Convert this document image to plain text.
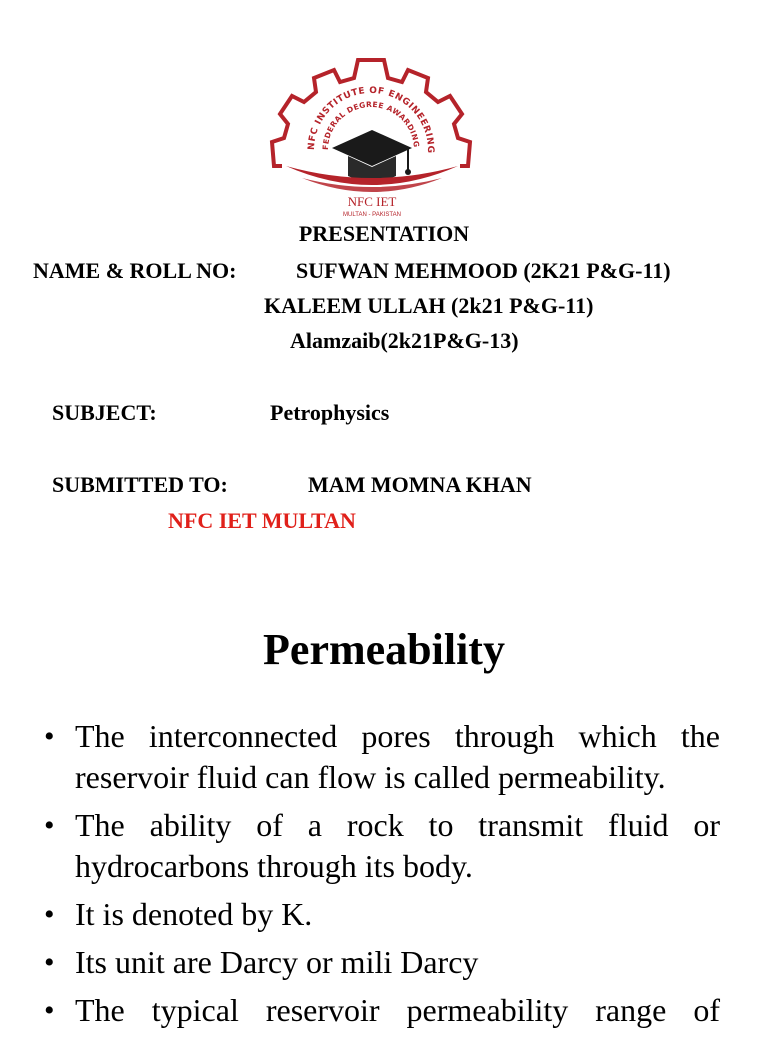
NFC INSTITUTE OF ENGINEERING
FEDERAL DEGREE AWARDING
NFC IET
MULTAN - PAKISTAN
PRESENTATION
NAME & ROLL NO:	SUFWAN MEHMOOD (2K21 P&G-11)
KALEEM ULLAH (2k21 P&G-11)
Alamzaib(2k21P&G-13)
SUBJECT:	Petrophysics
SUBMITTED TO:	MAM MOMNA KHAN
NFC IET MULTAN
Permeability
• The interconnected pores through which the reservoir fluid can flow is called permeability.
• The ability of a rock to transmit fluid or hydrocarbons through its body.
• It is denoted by K.
• Its unit are Darcy or mili Darcy
• The typical reservoir permeability range of
